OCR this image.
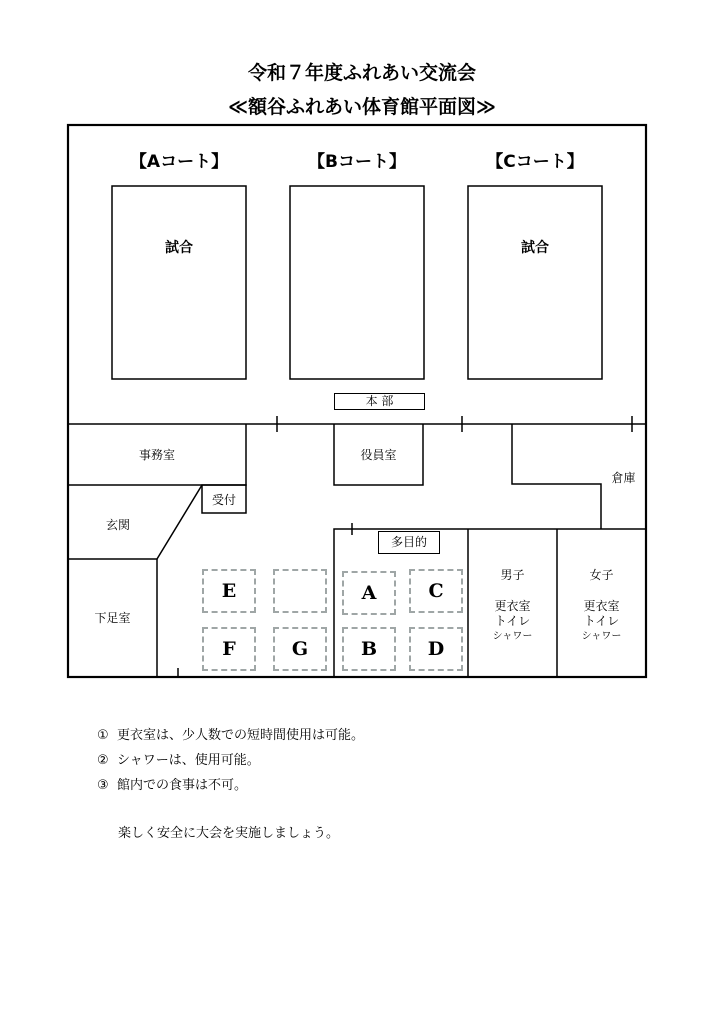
令和７年度ふれあい交流会
≪額谷ふれあい体育館平面図≫
【Aコート】	【Bコート】	【Cコート】
試合	試合
本 部
事務室	役員室
倉庫
受付
玄関
下足室
多目的
男子
更衣室
トイレ
シャワー
女子
更衣室
トイレ
シャワー
E	A	C
F	G	B	D
① 更衣室は、少人数での短時間使用は可能。
② シャワーは、使用可能。
③ 館内での食事は不可。
楽しく安全に大会を実施しましょう。
